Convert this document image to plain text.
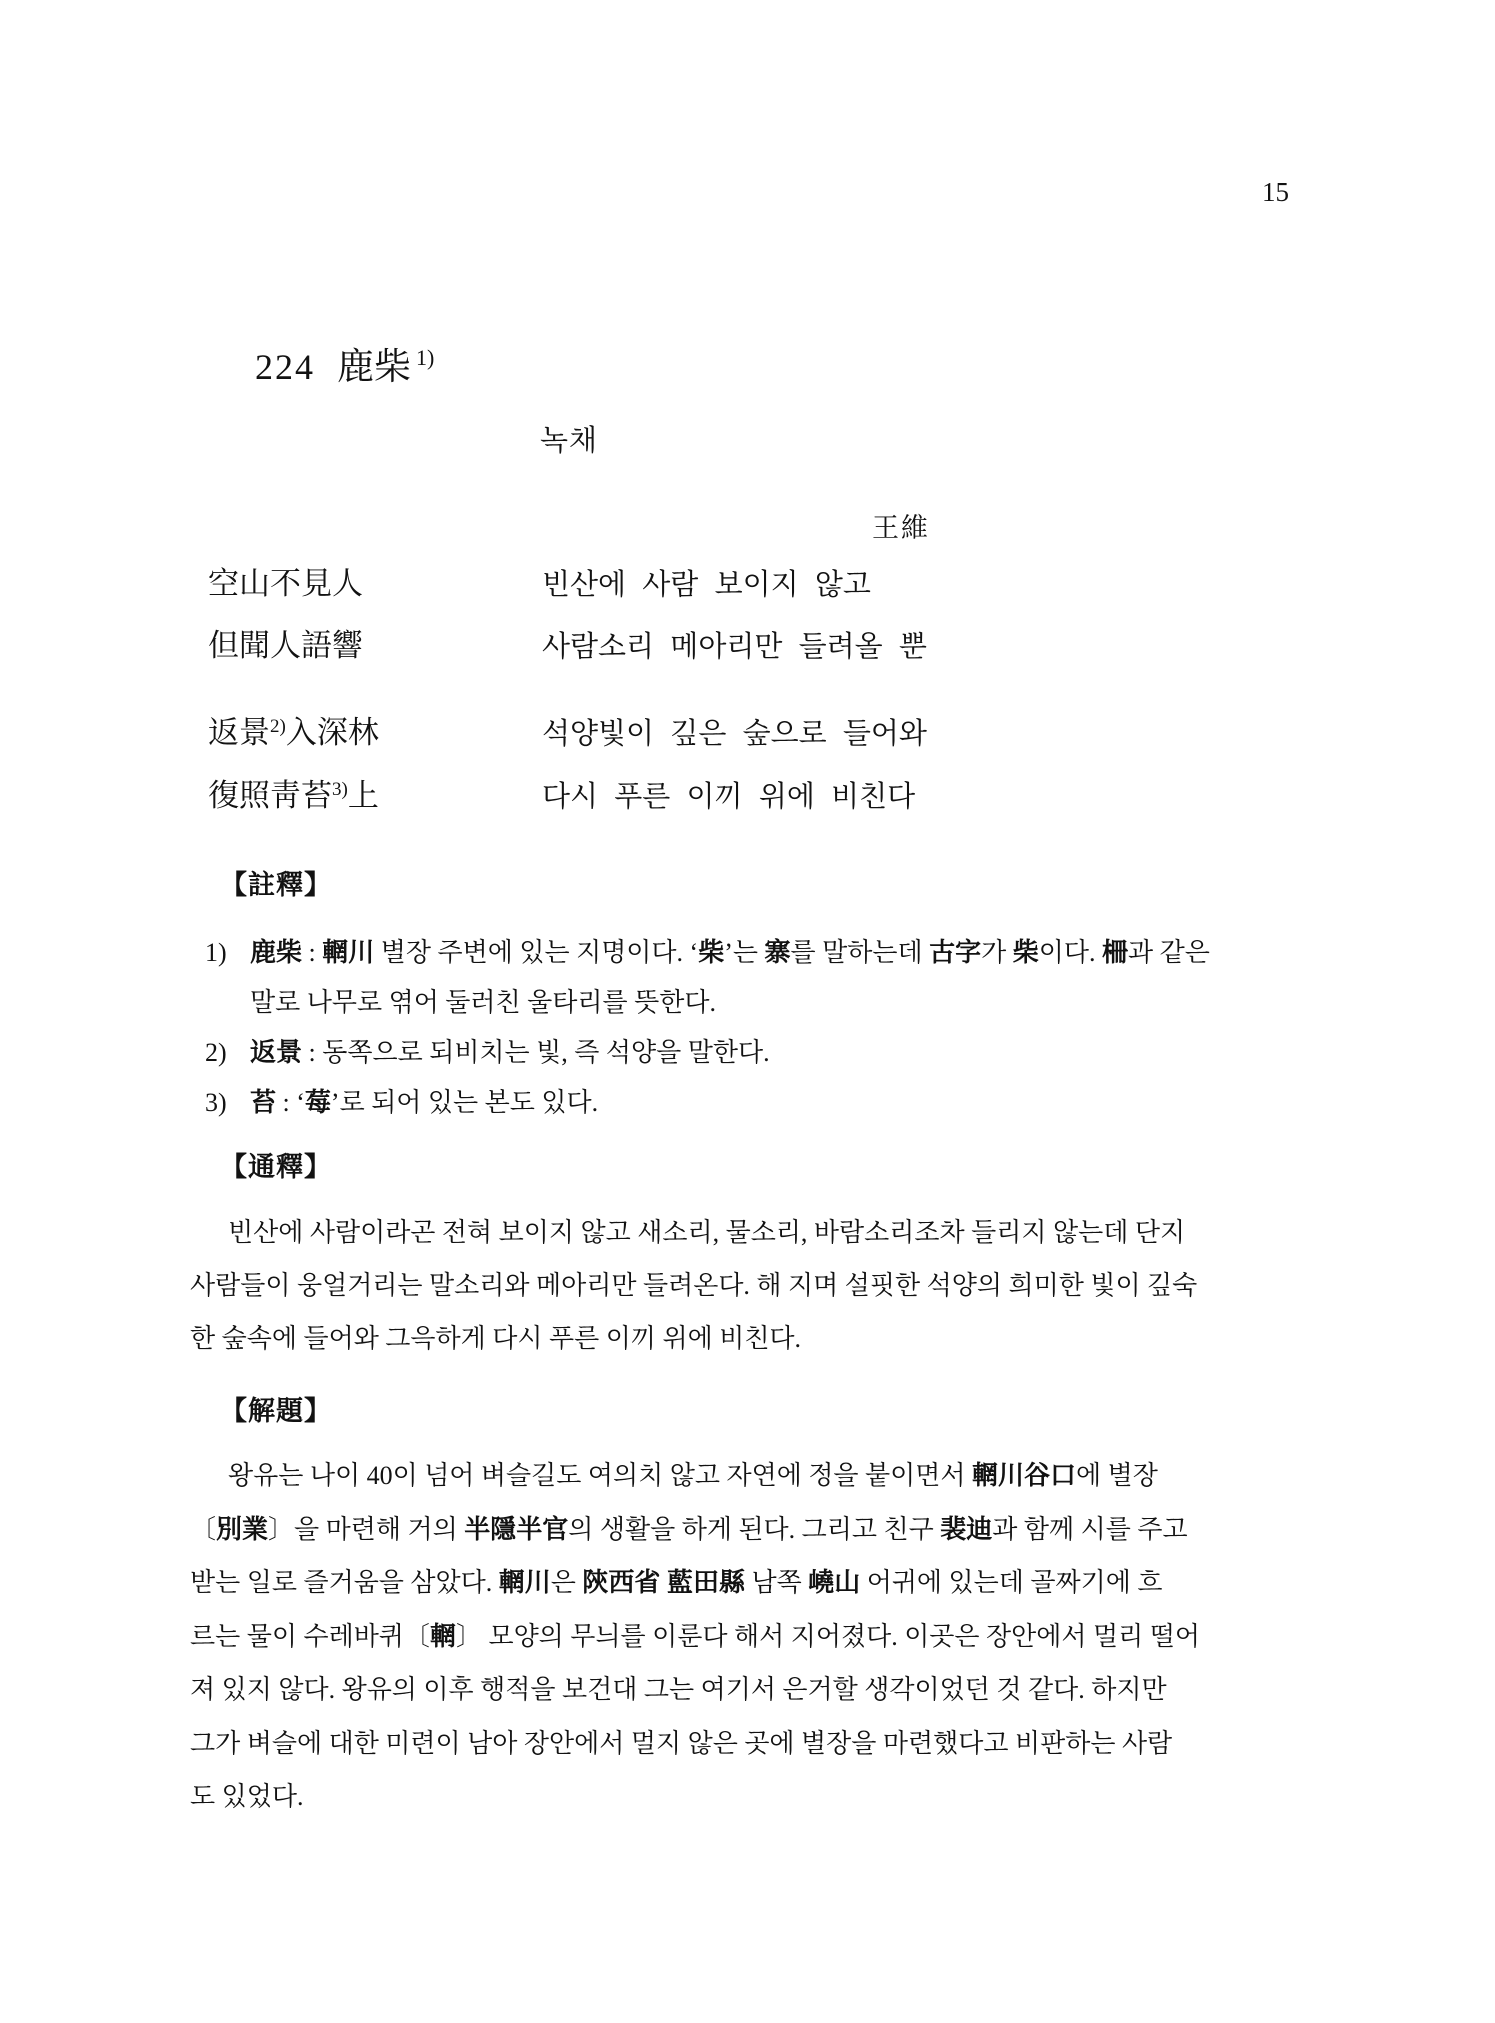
15
224 鹿柴 1)
녹채
王維
空山不見人	빈산에 사람 보이지 않고
但聞人語響	사람소리 메아리만 들려올 뿐
返景$^{2)}$入深林	석양빛이 깊은 숲으로 들어와
復照靑苔$^{3)}$上	다시 푸른 이끼 위에 비친다
【註釋】
1) 鹿柴 : 輞川 별장 주변에 있는 지명이다. ‘柴’는 寨를 말하는데 古字가 柴이다. 柵과 같은
말로 나무로 엮어 둘러친 울타리를 뜻한다.
2) 返景 : 동쪽으로 되비치는 빛, 즉 석양을 말한다.
3) 苔 : ‘莓’로 되어 있는 본도 있다.
【通釋】
빈산에 사람이라곤 전혀 보이지 않고 새소리, 물소리, 바람소리조차 들리지 않는데 단지
사람들이 웅얼거리는 말소리와 메아리만 들려온다. 해 지며 설핏한 석양의 희미한 빛이 깊숙
한 숲속에 들어와 그윽하게 다시 푸른 이끼 위에 비친다.
【解題】
왕유는 나이 40이 넘어 벼슬길도 여의치 않고 자연에 정을 붙이면서 輞川谷口에 별장
〔別業〕을 마련해 거의 半隱半官의 생활을 하게 된다. 그리고 친구 裴迪과 함께 시를 주고
받는 일로 즐거움을 삼았다. 輞川은 陝西省 藍田縣 남쪽 嶢山 어귀에 있는데 골짜기에 흐
르는 물이 수레바퀴〔輞〕 모양의 무늬를 이룬다 해서 지어졌다. 이곳은 장안에서 멀리 떨어
져 있지 않다. 왕유의 이후 행적을 보건대 그는 여기서 은거할 생각이었던 것 같다. 하지만
그가 벼슬에 대한 미련이 남아 장안에서 멀지 않은 곳에 별장을 마련했다고 비판하는 사람
도 있었다.
